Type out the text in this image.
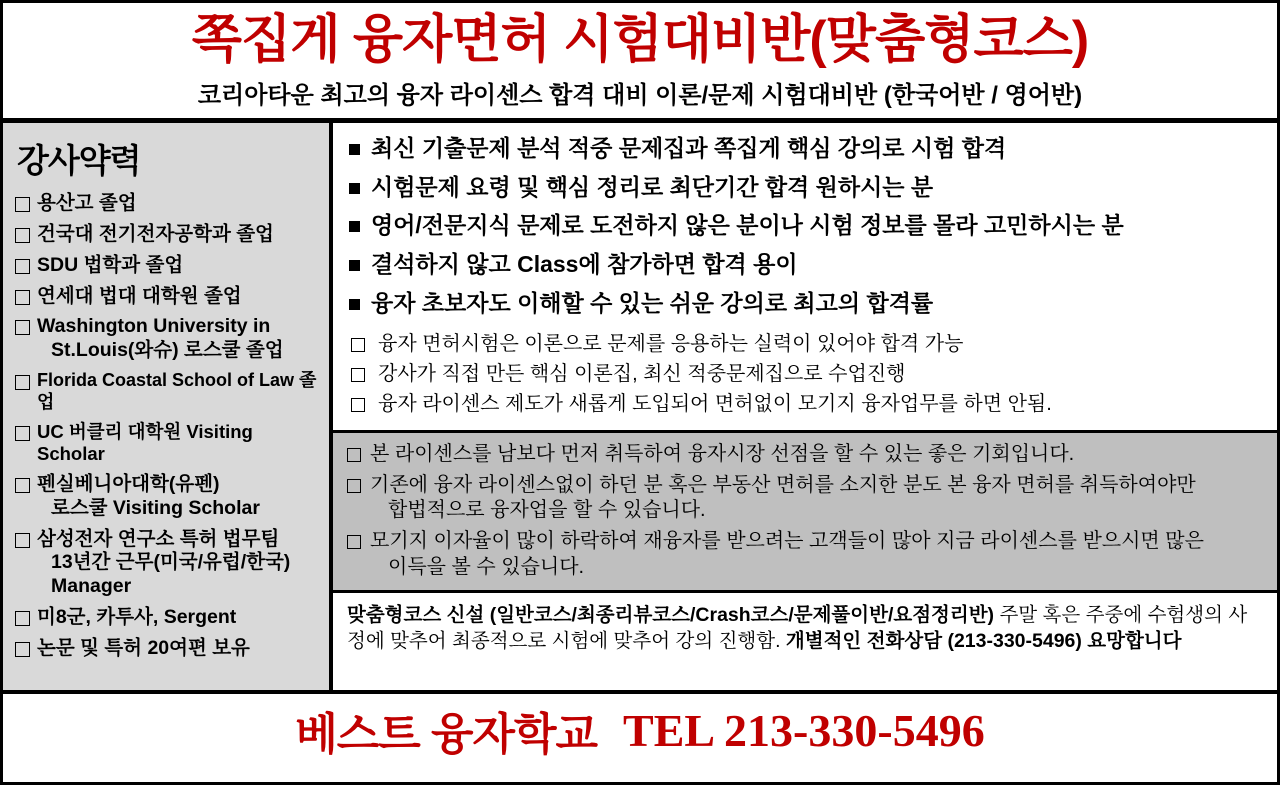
쪽집게 융자면허 시험대비반(맞춤형코스)
코리아타운 최고의 융자 라이센스 합격 대비 이론/문제 시험대비반 (한국어반 / 영어반)
강사약력
용산고 졸업
건국대 전기전자공학과 졸업
SDU 법학과 졸업
연세대 법대 대학원 졸업
Washington University in
St.Louis(와슈) 로스쿨 졸업
Florida Coastal School of Law 졸업
UC 버클리 대학원 Visiting Scholar
펜실베니아대학(유펜)
로스쿨 Visiting Scholar
삼성전자 연구소 특허 법무팀
13년간 근무(미국/유럽/한국)
Manager
미8군, 카투사, Sergent
논문 및 특허 20여편 보유
최신 기출문제 분석 적중 문제집과 쪽집게 핵심 강의로 시험 합격
시험문제 요령 및 핵심 정리로 최단기간 합격 원하시는 분
영어/전문지식 문제로 도전하지 않은 분이나 시험 정보를 몰라 고민하시는 분
결석하지 않고 Class에 참가하면 합격 용이
융자 초보자도 이해할 수 있는 쉬운 강의로 최고의 합격률
융자 면허시험은 이론으로 문제를 응용하는 실력이 있어야 합격 가능
강사가 직접 만든 핵심 이론집, 최신 적중문제집으로 수업진행
융자 라이센스 제도가 새롭게 도입되어 면허없이 모기지 융자업무를 하면 안됨.
본 라이센스를 남보다 먼저 취득하여 융자시장 선점을 할 수 있는 좋은 기회입니다.
기존에 융자 라이센스없이 하던 분 혹은 부동산 면허를 소지한 분도 본 융자 면허를 취득하여야만
합법적으로 융자업을 할 수 있습니다.
모기지 이자율이 많이 하락하여 재융자를 받으려는 고객들이 많아 지금 라이센스를 받으시면 많은
이득을 볼 수 있습니다.
맞춤형코스 신설 (일반코스/최종리뷰코스/Crash코스/문제풀이반/요점정리반) 주말 혹은 주중에 수험생의 사정에 맞추어 최종적으로 시험에 맞추어 강의 진행함. 개별적인 전화상담 (213-330-5496) 요망합니다
베스트 융자학교 TEL 213-330-5496
